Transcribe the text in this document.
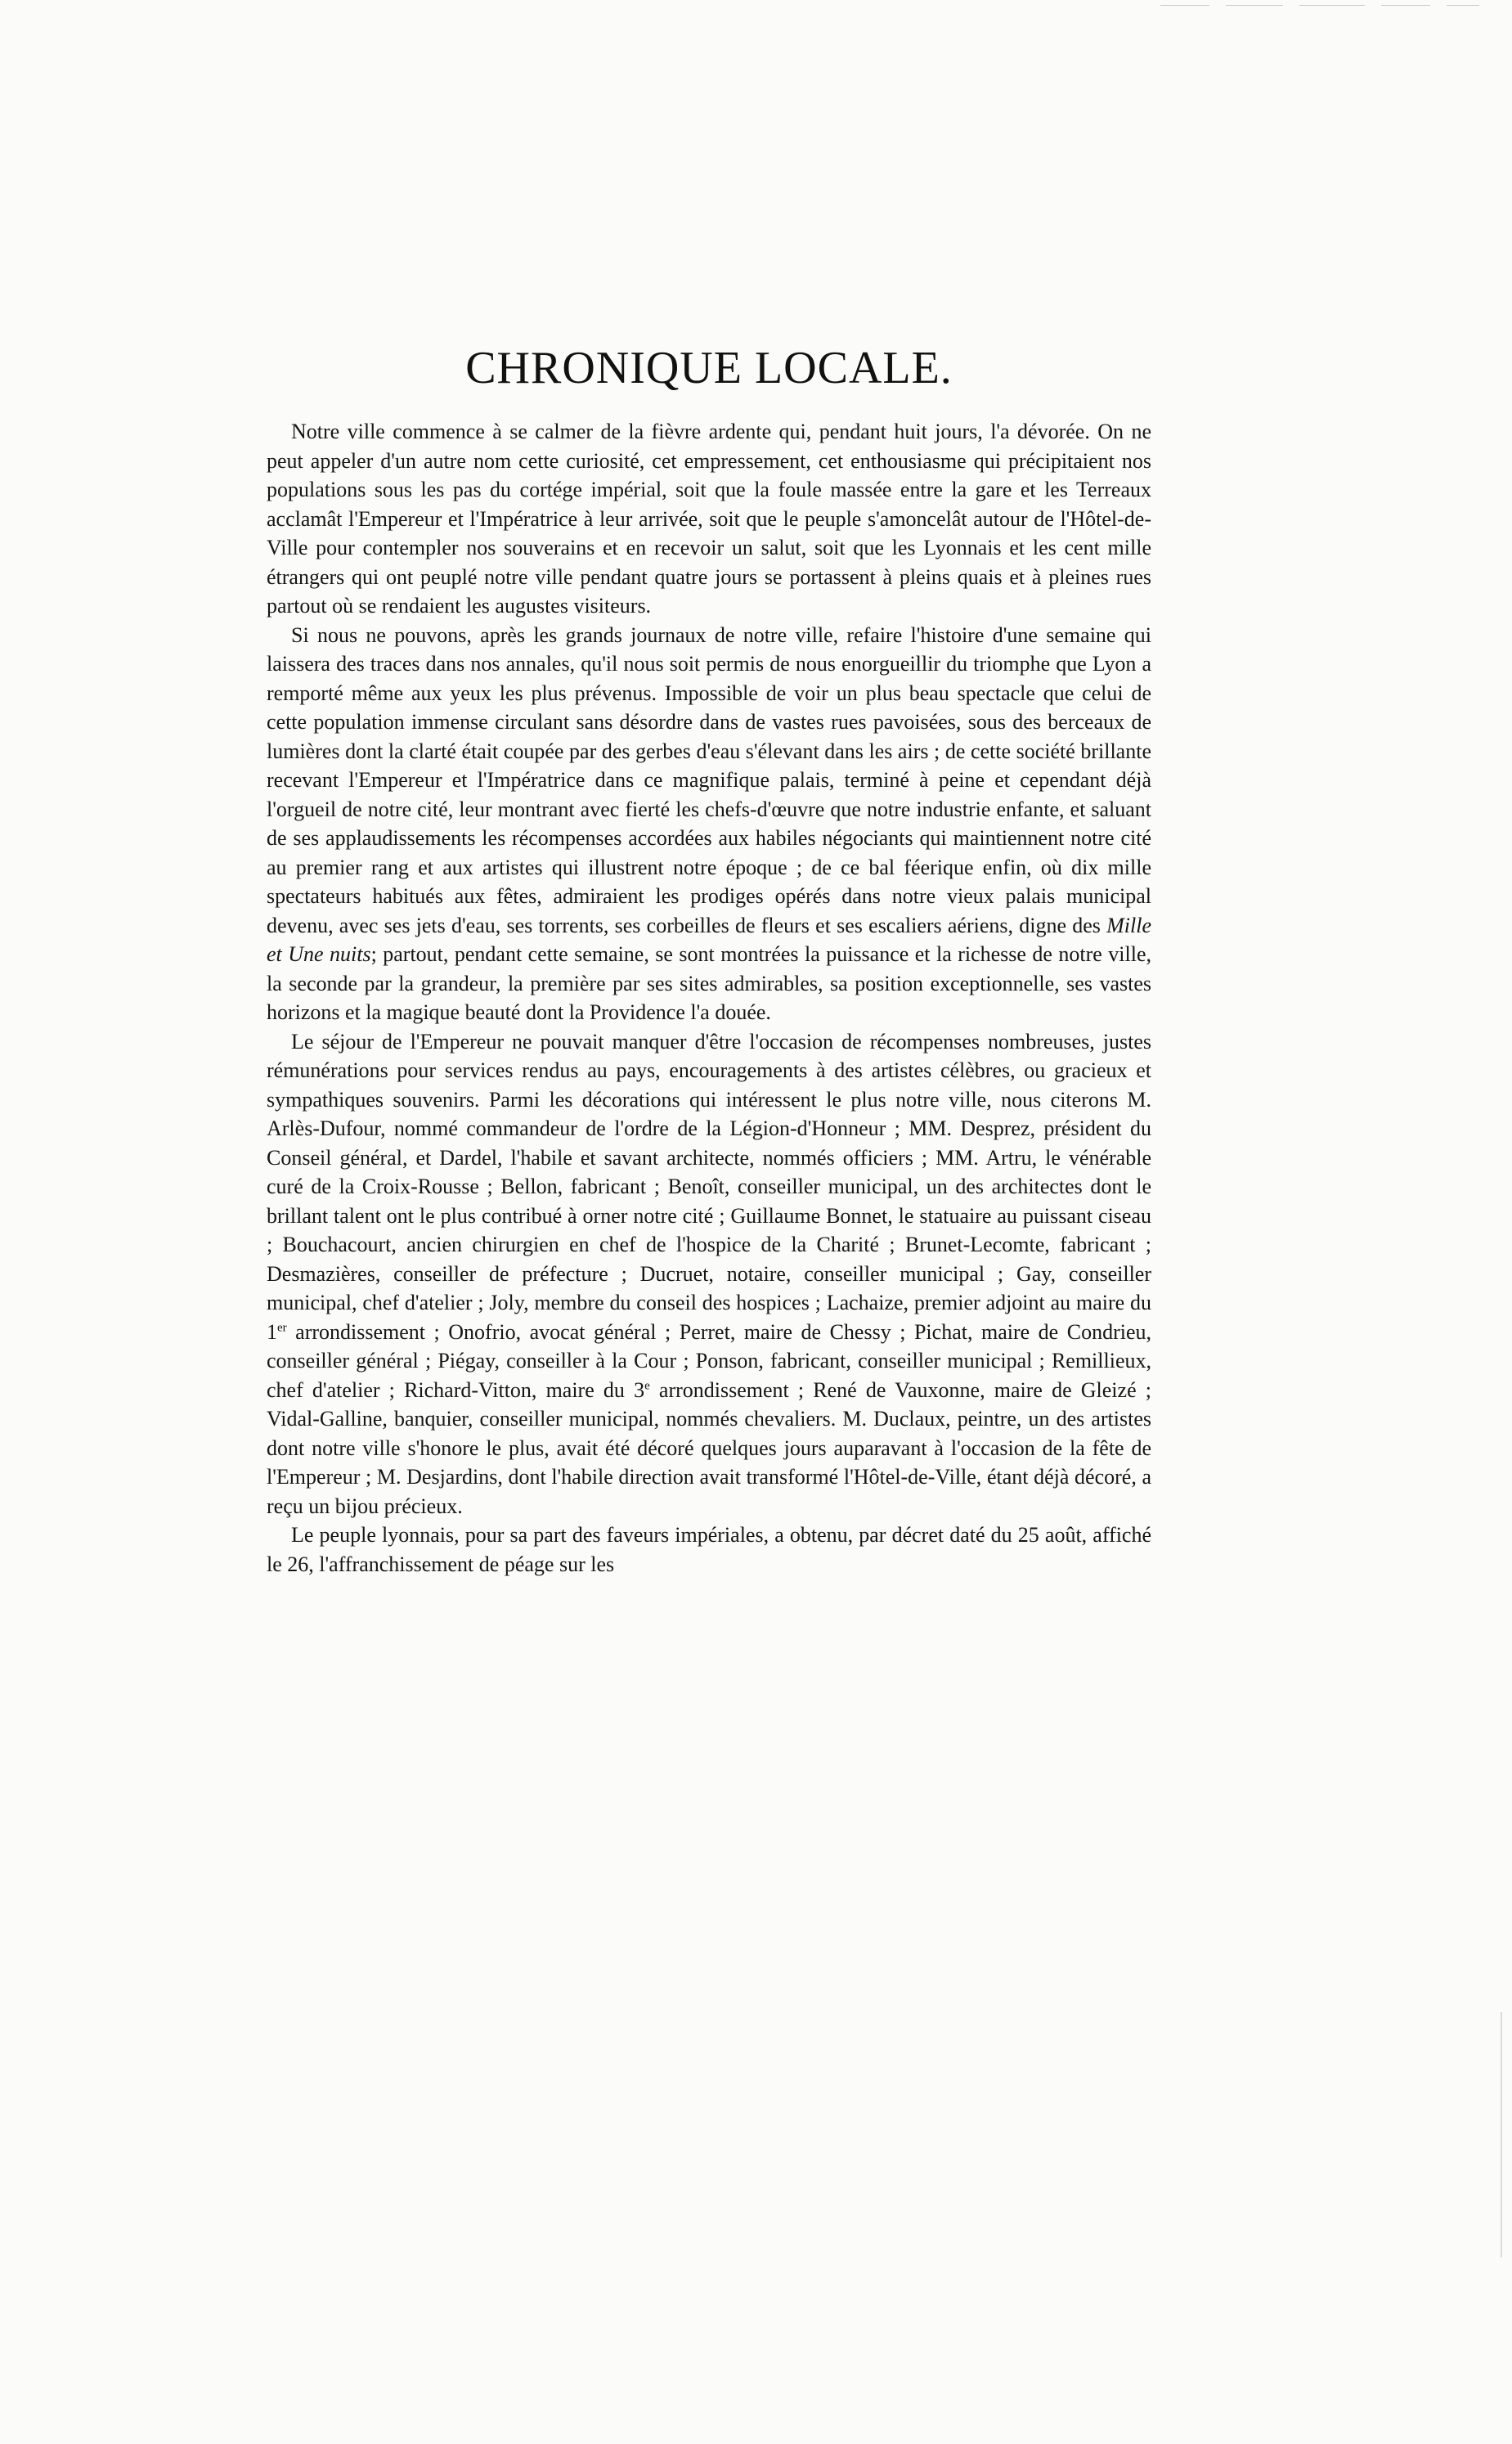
CHRONIQUE LOCALE.

Notre ville commence à se calmer de la fièvre ardente qui, pendant huit jours, l'a dévorée. On ne peut appeler d'un autre nom cette curiosité, cet empressement, cet enthousiasme qui précipitaient nos populations sous les pas du cortége impérial, soit que la foule massée entre la gare et les Terreaux acclamât l'Empereur et l'Impératrice à leur arrivée, soit que le peuple s'amoncelât autour de l'Hôtel-de-Ville pour contempler nos souverains et en recevoir un salut, soit que les Lyonnais et les cent mille étrangers qui ont peuplé notre ville pendant quatre jours se portassent à pleins quais et à pleines rues partout où se rendaient les augustes visiteurs.

Si nous ne pouvons, après les grands journaux de notre ville, refaire l'histoire d'une semaine qui laissera des traces dans nos annales, qu'il nous soit permis de nous enorgueillir du triomphe que Lyon a remporté même aux yeux les plus prévenus. Impossible de voir un plus beau spectacle que celui de cette population immense circulant sans désordre dans de vastes rues pavoisées, sous des berceaux de lumières dont la clarté était coupée par des gerbes d'eau s'élevant dans les airs ; de cette société brillante recevant l'Empereur et l'Impératrice dans ce magnifique palais, terminé à peine et cependant déjà l'orgueil de notre cité, leur montrant avec fierté les chefs-d'œuvre que notre industrie enfante, et saluant de ses applaudissements les récompenses accordées aux habiles négociants qui maintiennent notre cité au premier rang et aux artistes qui illustrent notre époque ; de ce bal féerique enfin, où dix mille spectateurs habitués aux fêtes, admiraient les prodiges opérés dans notre vieux palais municipal devenu, avec ses jets d'eau, ses torrents, ses corbeilles de fleurs et ses escaliers aériens, digne des Mille et Une nuits; partout, pendant cette semaine, se sont montrées la puissance et la richesse de notre ville, la seconde par la grandeur, la première par ses sites admirables, sa position exceptionnelle, ses vastes horizons et la magique beauté dont la Providence l'a douée.

Le séjour de l'Empereur ne pouvait manquer d'être l'occasion de récompenses nombreuses, justes rémunérations pour services rendus au pays, encouragements à des artistes célèbres, ou gracieux et sympathiques souvenirs. Parmi les décorations qui intéressent le plus notre ville, nous citerons M. Arlès-Dufour, nommé commandeur de l'ordre de la Légion-d'Honneur ; MM. Desprez, président du Conseil général, et Dardel, l'habile et savant architecte, nommés officiers ; MM. Artru, le vénérable curé de la Croix-Rousse ; Bellon, fabricant ; Benoît, conseiller municipal, un des architectes dont le brillant talent ont le plus contribué à orner notre cité ; Guillaume Bonnet, le statuaire au puissant ciseau ; Bouchacourt, ancien chirurgien en chef de l'hospice de la Charité ; Brunet-Lecomte, fabricant ; Desmazières, conseiller de préfecture ; Ducruet, notaire, conseiller municipal ; Gay, conseiller municipal, chef d'atelier ; Joly, membre du conseil des hospices ; Lachaize, premier adjoint au maire du 1er arrondissement ; Onofrio, avocat général ; Perret, maire de Chessy ; Pichat, maire de Condrieu, conseiller général ; Piégay, conseiller à la Cour ; Ponson, fabricant, conseiller municipal ; Remillieux, chef d'atelier ; Richard-Vitton, maire du 3e arrondissement ; René de Vauxonne, maire de Gleizé ; Vidal-Galline, banquier, conseiller municipal, nommés chevaliers. M. Duclaux, peintre, un des artistes dont notre ville s'honore le plus, avait été décoré quelques jours auparavant à l'occasion de la fête de l'Empereur ; M. Desjardins, dont l'habile direction avait transformé l'Hôtel-de-Ville, étant déjà décoré, a reçu un bijou précieux.

Le peuple lyonnais, pour sa part des faveurs impériales, a obtenu, par décret daté du 25 août, affiché le 26, l'affranchissement de péage sur les
